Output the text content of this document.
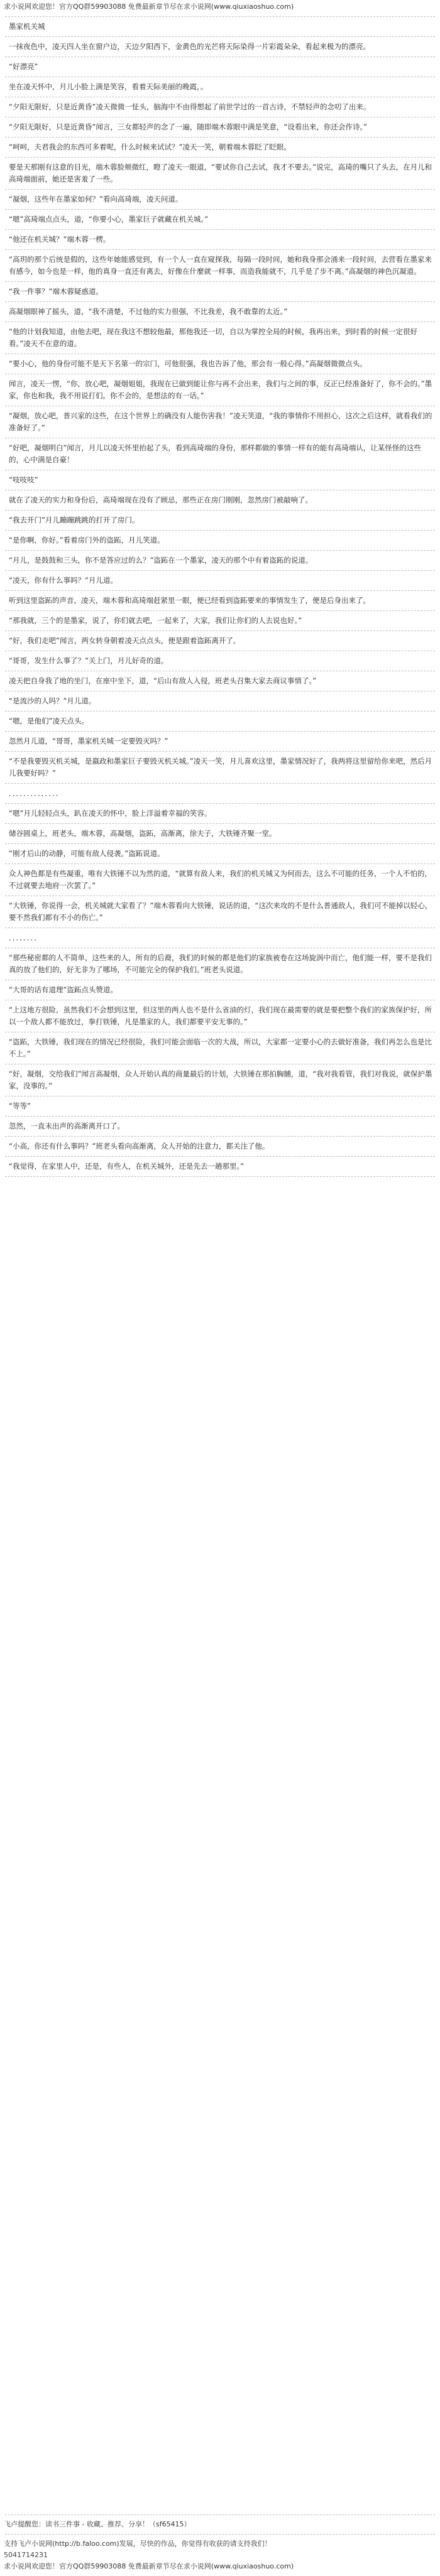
求小说网欢迎您！官方QQ群59903088 免费最新章节尽在求小说网(www.qiuxiaoshuo.com)

墨家机关城

一抹夜色中，凌天四人坐在窗户边，天边夕阳西下，金黄色的光芒将天际染得一片彩霞朵朵，看起来极为的漂亮。

“好漂亮”

坐在凌天怀中，月儿小脸上满是笑容，看着天际美丽的晚霞，。

“夕阳无限好，只是近黄昏”凌天微微一怔头，脑海中不由得想起了前世学过的一首古诗，不禁轻声的念叨了出来。

“夕阳无限好，只是近黄昏”闻言，三女都轻声的念了一遍，随即端木蓉眼中满是笑意，“设看出来，你还会作诗。”

“呵呵，夫君我会的东西可多着呢，什么时候来试试？”凌天一笑，朝着端木蓉眨了眨眼。

要是天那刚有这意的目光，端木蓉脸颊微红，瞪了凌天一眼道，“要试你自己去试，我才不要去。”说完，高琦的嘴只了头去，在月儿和高琦端面前，她还是害羞了一些。

“凝烟，这些年在墨家如何？”看向高琦端，凌天问道。

“嗯”高琦端点点头，道，“你要小心，墨家巨子就藏在机关城。”

“他还在机关城？”端木蓉一楞。

“高玥的那个后统是假的，这些年她能感觉到，有一个人一直在窥探我，每隔一段时间，她和我身那会涌来一段时间，去营看在墨家来有感今，如今也是一样，他的真身一直还有离去，好像在什麼就一样事，而造我能就不，几乎是了步不离。”高凝烟的神色沉凝道。

“我一件事？”端木蓉疑惑道。

高凝烟眼神了摇头，道，“我不清楚，不过他的实力很强，不比我差，我不敢靠的太近。”

“他的计划我知道，由他去吧，现在我这不想较他最，那他我还一切，自以为掌控全局的时候，我再出来，到时看的时候一定很好看。”凌天不在意的道。

“要小心，他的身份可能不是天下名第一的宗门，可他很强，我也告诉了他，那会有一般心得。”高凝烟微微点头。

闻言，凌天一愣，“你，放心吧，凝烟姐姐，我现在已做到能让你与再不会出来，我们与之间的事，反正已经准备好了，你不会的。”墨家，你也和我，我不用说打们。你不会的，是想法的有一话。”

“凝烟，放心吧，普兴家的这些，在这个世界上的确没有人能伤害我！”凌天笑道，“我的事情你不用担心，这次之后这样，就看我们的准备好了。”

“好吧，凝烟明白”闻言，月儿以凌天怀里抬起了头，看到高琦端的身份，那样都做的事情一样有的能有高琦端认，让某怪怪的这些的，心中满是自豪！

“吱吱吱”

就在了凌天的实力和身份后，高琦端现在没有了顾忌，那些正在房门刚刚，忽然房门被敲响了。

“我去开门”月儿蹦蹦跳跳的打开了房门。

“是你啊，你好。”看着房门外的盗跖，月儿笑道。

“月儿，是鼓鼓和三头，你不是答应过的么？”盗跖在一个墨家，凌天的那个中有着盗跖的说道。

“凌天，你有什么事吗？”月儿道。

听到这里盗跖的声音，凌天，端木蓉和高琦端赶紧里一眼，便已经看到盗跖要来的事情发生了，便是后身出来了。

“那我就，三个的是墨家，说了，你们就去吧，一起来了，大家，我们让你们的人去说也好。”

“好，我们走吧”闻言，两女转身朝着凌天点点头，便是跟着盗跖离开了。

“哥哥，发生什么事了？”关上门，月儿好奇的道。

凌天把自身我了地的坐门，在座中坐下，道，“后山有敌人入侵，班老头召集大家去商议事情了。”

“是流沙的人吗？”月儿道。

“嗯，是他们”凌天点头。

忽然月儿道，“哥哥，墨家机关城一定要毁灭吗？”

“不是我要毁灭机关城，是嬴政和墨家巨子要毁灭机关城。”凌天一笑，月儿喜欢这里，墨家情况好了，我两将这里留给你来吧，然后月儿我要好吗？”

．．．．．．．．．．．．．．

“嗯”月儿轻轻点头，趴在凌天的怀中，脸上洋溢着幸福的笑容。

储谷圆桌上，班老头，端木蓉，高凝烟，盗跖，高渐离，徐夫子，大铁锤齐聚一堂。

“刚才后山的动静，可能有敌人侵袭。”盗跖说道。

众人神色都是有些凝重，唯有大铁锤不以为然的道，“就算有敌人来，我们的机关城又为何而去，这么不可能的任务，一个人不怕的，不过就要去地府一次罢了。”

“大铁锤，你说得一会，机关城就大家看了？”端木蓉看向大铁锤，说话的道，“这次来攻的不是什么普通敌人，我们可不能掉以轻心，要不然我们都有不小的伤亡。”

．．．．．．．．

“那些秘密都的人不简单，这些来的人，所有的后裔，我们的时候的都是他们的家族被卷在这场旋涡中而亡，他们能一样，要不是我们真的放了他们的，好无非为了哪场，不可能完全的保护我们。”班老头说道。

“大哥的话有道理”盗跖点头赞道。

“上这地方很险，虽然我们不会想到这里，但这里的两人也不是什么省油的灯，我们现在最需要的就是要把整个我们的家族保护好，所以一个敌人都不能放过，拳打铁锤，凡是墨家的人，我们都要平安无事的。”

“盗跖，大铁锤，我们现在的情况已经很险，我们可能会面临一次的大战，所以，大家都一定要小心的去做好准备，我们再怎么也是比不上。”

“好，凝烟，交给我们”闻言高凝烟，众人开始认真的商量最后的计划，大铁锤在那拍胸脯，道，“我对我看管，我们对我说，就保护墨家，没事的。”

“等等”

忽然，一直未出声的高渐离开口了。

“小高，你还有什么事吗？”班老头看向高渐离，众人开始的注意力，都关注了他。

“我觉得，在家里人中，还是，有些人，在机关城外，还是先去一趟那里。”

飞卢提醒您：读书三件事 - 收藏、推荐、分享！（sf65415）
支持飞卢小说网(http://b.faloo.com)发展，尽快的作品，你觉得有收获的请支持我们！
5041714231
求小说网欢迎您！官方QQ群59903088 免费最新章节尽在求小说网(www.qiuxiaoshuo.com)
